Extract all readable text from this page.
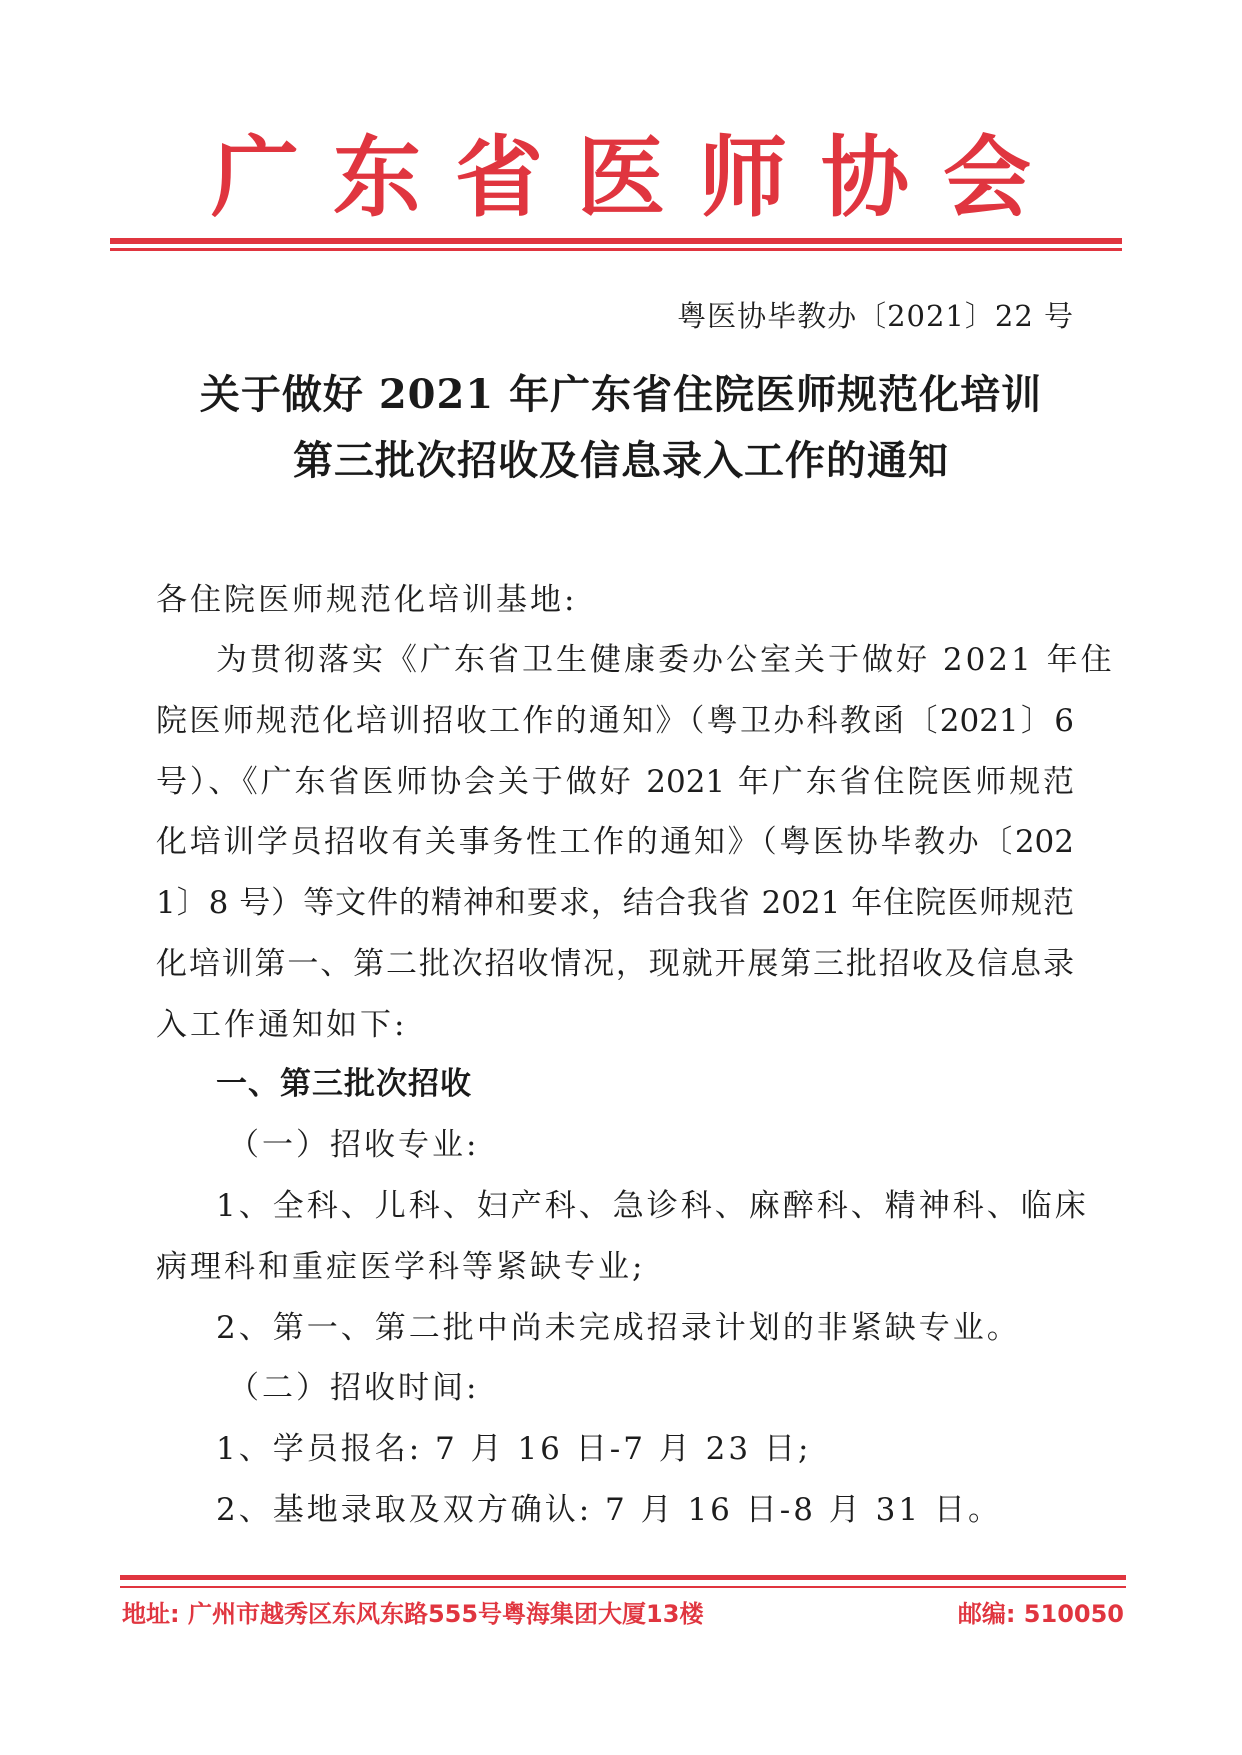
广东省医师协会
粤医协毕教办〔2021〕22 号
关于做好 2021 年广东省住院医师规范化培训
第三批次招收及信息录入工作的通知
各住院医师规范化培训基地:
为贯彻落实《广东省卫生健康委办公室关于做好 2021 年住
院医师规范化培训招收工作的通知》（粤卫办科教函〔2021〕6
号）、《广东省医师协会关于做好 2021 年广东省住院医师规范
化培训学员招收有关事务性工作的通知》（粤医协毕教办〔202
1〕8 号）等文件的精神和要求，结合我省 2021 年住院医师规范
化培训第一、第二批次招收情况，现就开展第三批招收及信息录
入工作通知如下:
一、第三批次招收
（一）招收专业:
1、全科、儿科、妇产科、急诊科、麻醉科、精神科、临床
病理科和重症医学科等紧缺专业;
2、第一、第二批中尚未完成招录计划的非紧缺专业。
（二）招收时间:
1、学员报名: 7 月 16 日-7 月 23 日;
2、基地录取及双方确认: 7 月 16 日-8 月 31 日。
地址: 广州市越秀区东风东路555号粤海集团大厦13楼	邮编: 510050
